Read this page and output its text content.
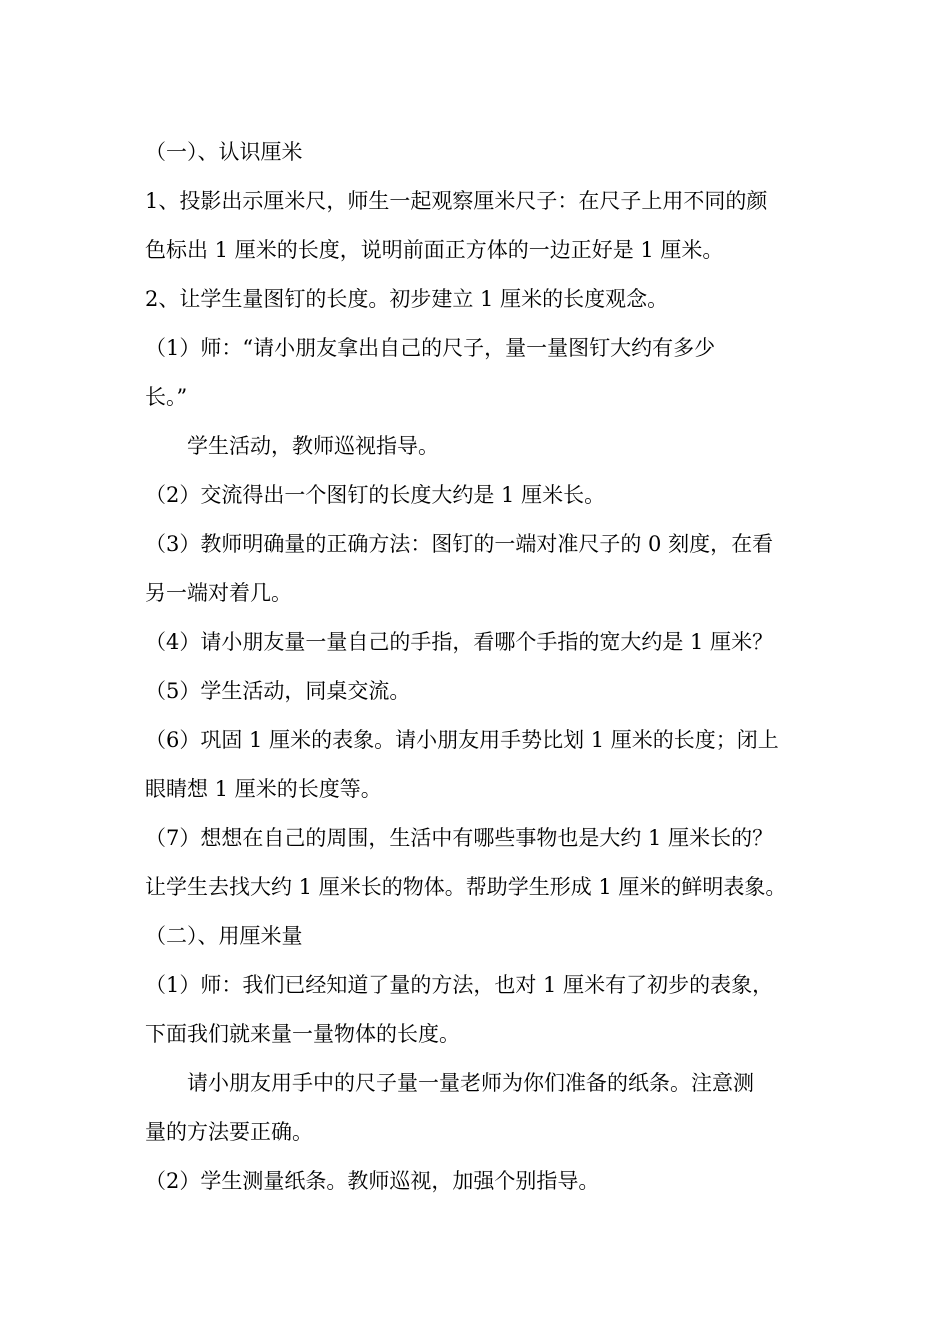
（一）、认识厘米

1、投影出示厘米尺，师生一起观察厘米尺子：在尺子上用不同的颜

色标出 1 厘米的长度，说明前面正方体的一边正好是 1 厘米。

2、让学生量图钉的长度。初步建立 1 厘米的长度观念。

（1）师：“请小朋友拿出自己的尺子，量一量图钉大约有多少

长。”

学生活动，教师巡视指导。

（2）交流得出一个图钉的长度大约是 1 厘米长。

（3）教师明确量的正确方法：图钉的一端对准尺子的 0 刻度，在看

另一端对着几。

（4）请小朋友量一量自己的手指，看哪个手指的宽大约是 1 厘米？

（5）学生活动，同桌交流。

（6）巩固 1 厘米的表象。请小朋友用手势比划 1 厘米的长度；闭上

眼睛想 1 厘米的长度等。

（7）想想在自己的周围，生活中有哪些事物也是大约 1 厘米长的？

让学生去找大约 1 厘米长的物体。帮助学生形成 1 厘米的鲜明表象。

（二）、用厘米量

（1）师：我们已经知道了量的方法，也对 1 厘米有了初步的表象，

下面我们就来量一量物体的长度。

请小朋友用手中的尺子量一量老师为你们准备的纸条。注意测

量的方法要正确。

（2）学生测量纸条。教师巡视，加强个别指导。
